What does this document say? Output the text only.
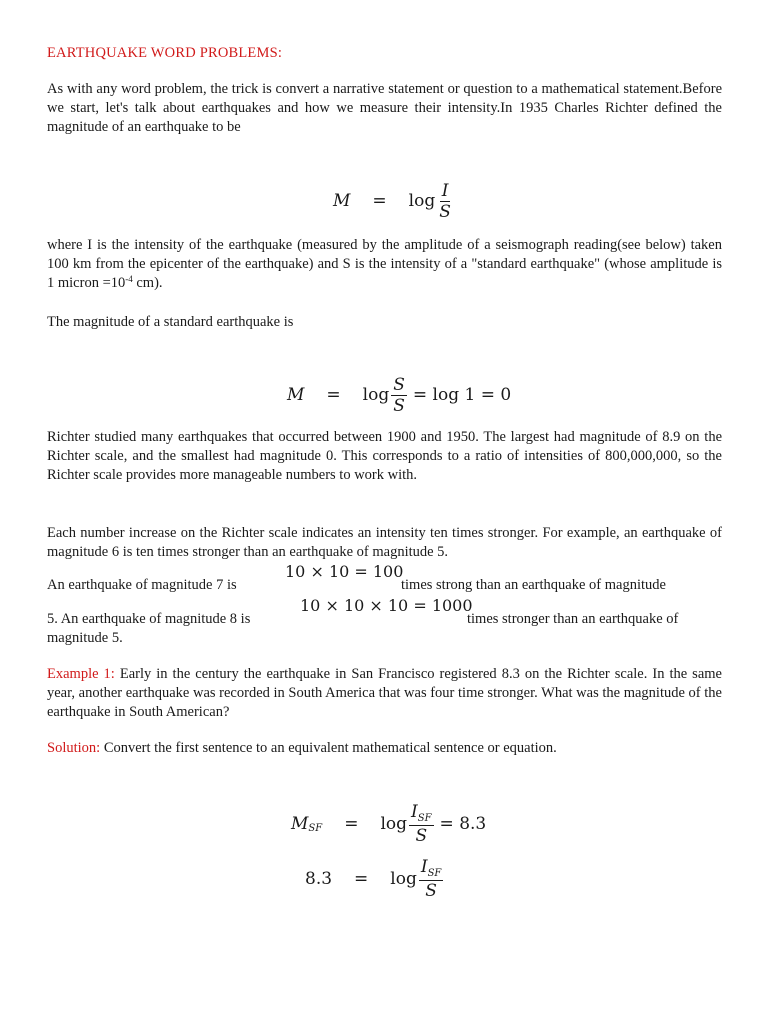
EARTHQUAKE WORD PROBLEMS:

As with any word problem, the trick is convert a narrative statement or question to a mathematical statement.Before we start, let's talk about earthquakes and how we measure their intensity.In 1935 Charles Richter defined the magnitude of an earthquake to be

$M = \log \frac{I}{S}$

where I is the intensity of the earthquake (measured by the amplitude of a seismograph reading(see below) taken 100 km from the epicenter of the earthquake) and S is the intensity of a "standard earthquake" (whose amplitude is 1 micron $=10^{-4}$ cm).

The magnitude of a standard earthquake is

$M = \log \frac{S}{S} = \log 1 = 0$

Richter studied many earthquakes that occurred between 1900 and 1950. The largest had magnitude of 8.9 on the Richter scale, and the smallest had magnitude 0. This corresponds to a ratio of intensities of 800,000,000, so the Richter scale provides more manageable numbers to work with.

Each number increase on the Richter scale indicates an intensity ten times stronger. For example, an earthquake of magnitude 6 is ten times stronger than an earthquake of magnitude 5.

An earthquake of magnitude 7 is	times strong than an earthquake of magnitude
10 × 10 = 100
5. An earthquake of magnitude 8 is	times stronger than an earthquake of
10 × 10 × 10 = 1000
magnitude 5.

Example 1: Early in the century the earthquake in San Francisco registered 8.3 on the Richter scale. In the same year, another earthquake was recorded in South America that was four time stronger. What was the magnitude of the earthquake in South American?

Solution: Convert the first sentence to an equivalent mathematical sentence or equation.

M SF = $\log \frac{I_{SF}}{S} = 8.3$
$8.3 = \log \frac{I_{SF}}{S}$
